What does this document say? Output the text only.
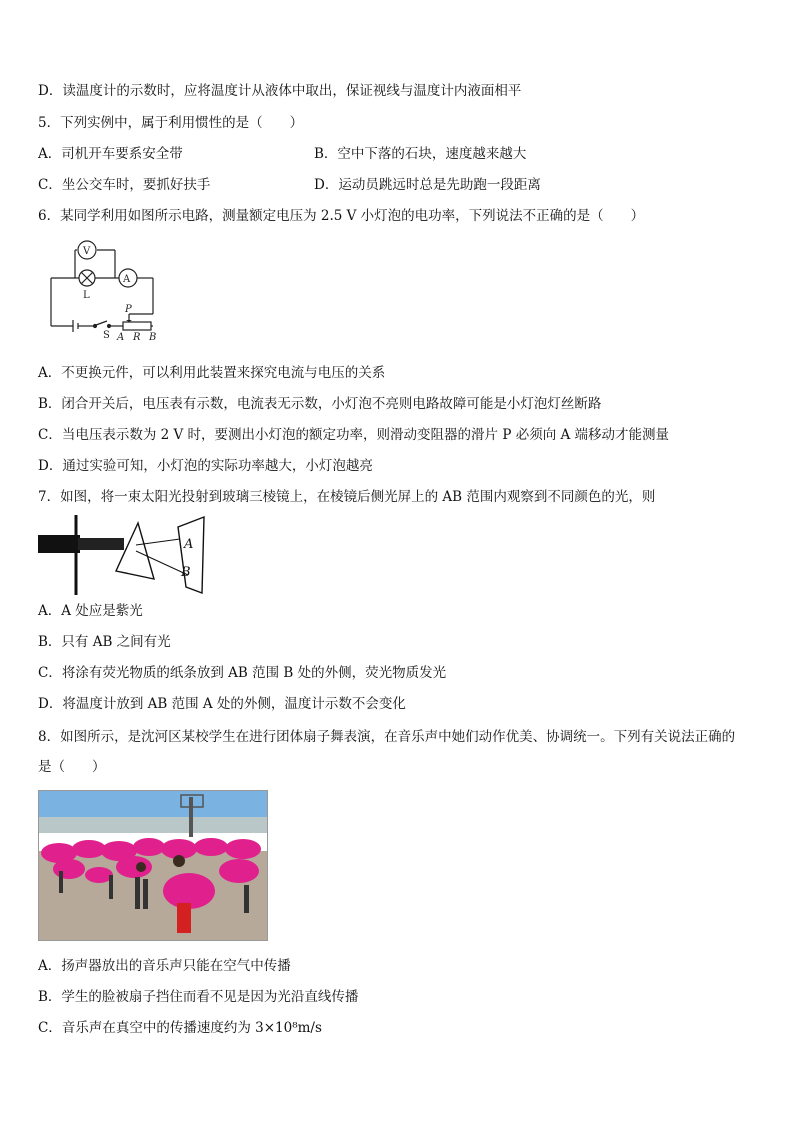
D．读温度计的示数时，应将温度计从液体中取出，保证视线与温度计内液面相平
5．下列实例中，属于利用惯性的是（　　）
A．司机开车要系安全带	B．空中下落的石块，速度越来越大
C．坐公交车时，要抓好扶手	D．运动员跳远时总是先助跑一段距离
6．某同学利用如图所示电路，测量额定电压为 2.5 V 小灯泡的电功率，下列说法不正确的是（　　）
V
A
L
S
P
A R B
A．不更换元件，可以利用此装置来探究电流与电压的关系
B．闭合开关后，电压表有示数，电流表无示数，小灯泡不亮则电路故障可能是小灯泡灯丝断路
C．当电压表示数为 2 V 时，要测出小灯泡的额定功率，则滑动变阻器的滑片 P 必须向 A 端移动才能测量
D．通过实验可知，小灯泡的实际功率越大，小灯泡越亮
7．如图，将一束太阳光投射到玻璃三棱镜上，在棱镜后侧光屏上的 AB 范围内观察到不同颜色的光，则
A
B
A．A 处应是紫光
B．只有 AB 之间有光
C．将涂有荧光物质的纸条放到 AB 范围 B 处的外侧，荧光物质发光
D．将温度计放到 AB 范围 A 处的外侧，温度计示数不会变化
8．如图所示，是沈河区某校学生在进行团体扇子舞表演，在音乐声中她们动作优美、协调统一。下列有关说法正确的
是（　　）
A．扬声器放出的音乐声只能在空气中传播
B．学生的脸被扇子挡住而看不见是因为光沿直线传播
C．音乐声在真空中的传播速度约为 3×10⁸m/s
